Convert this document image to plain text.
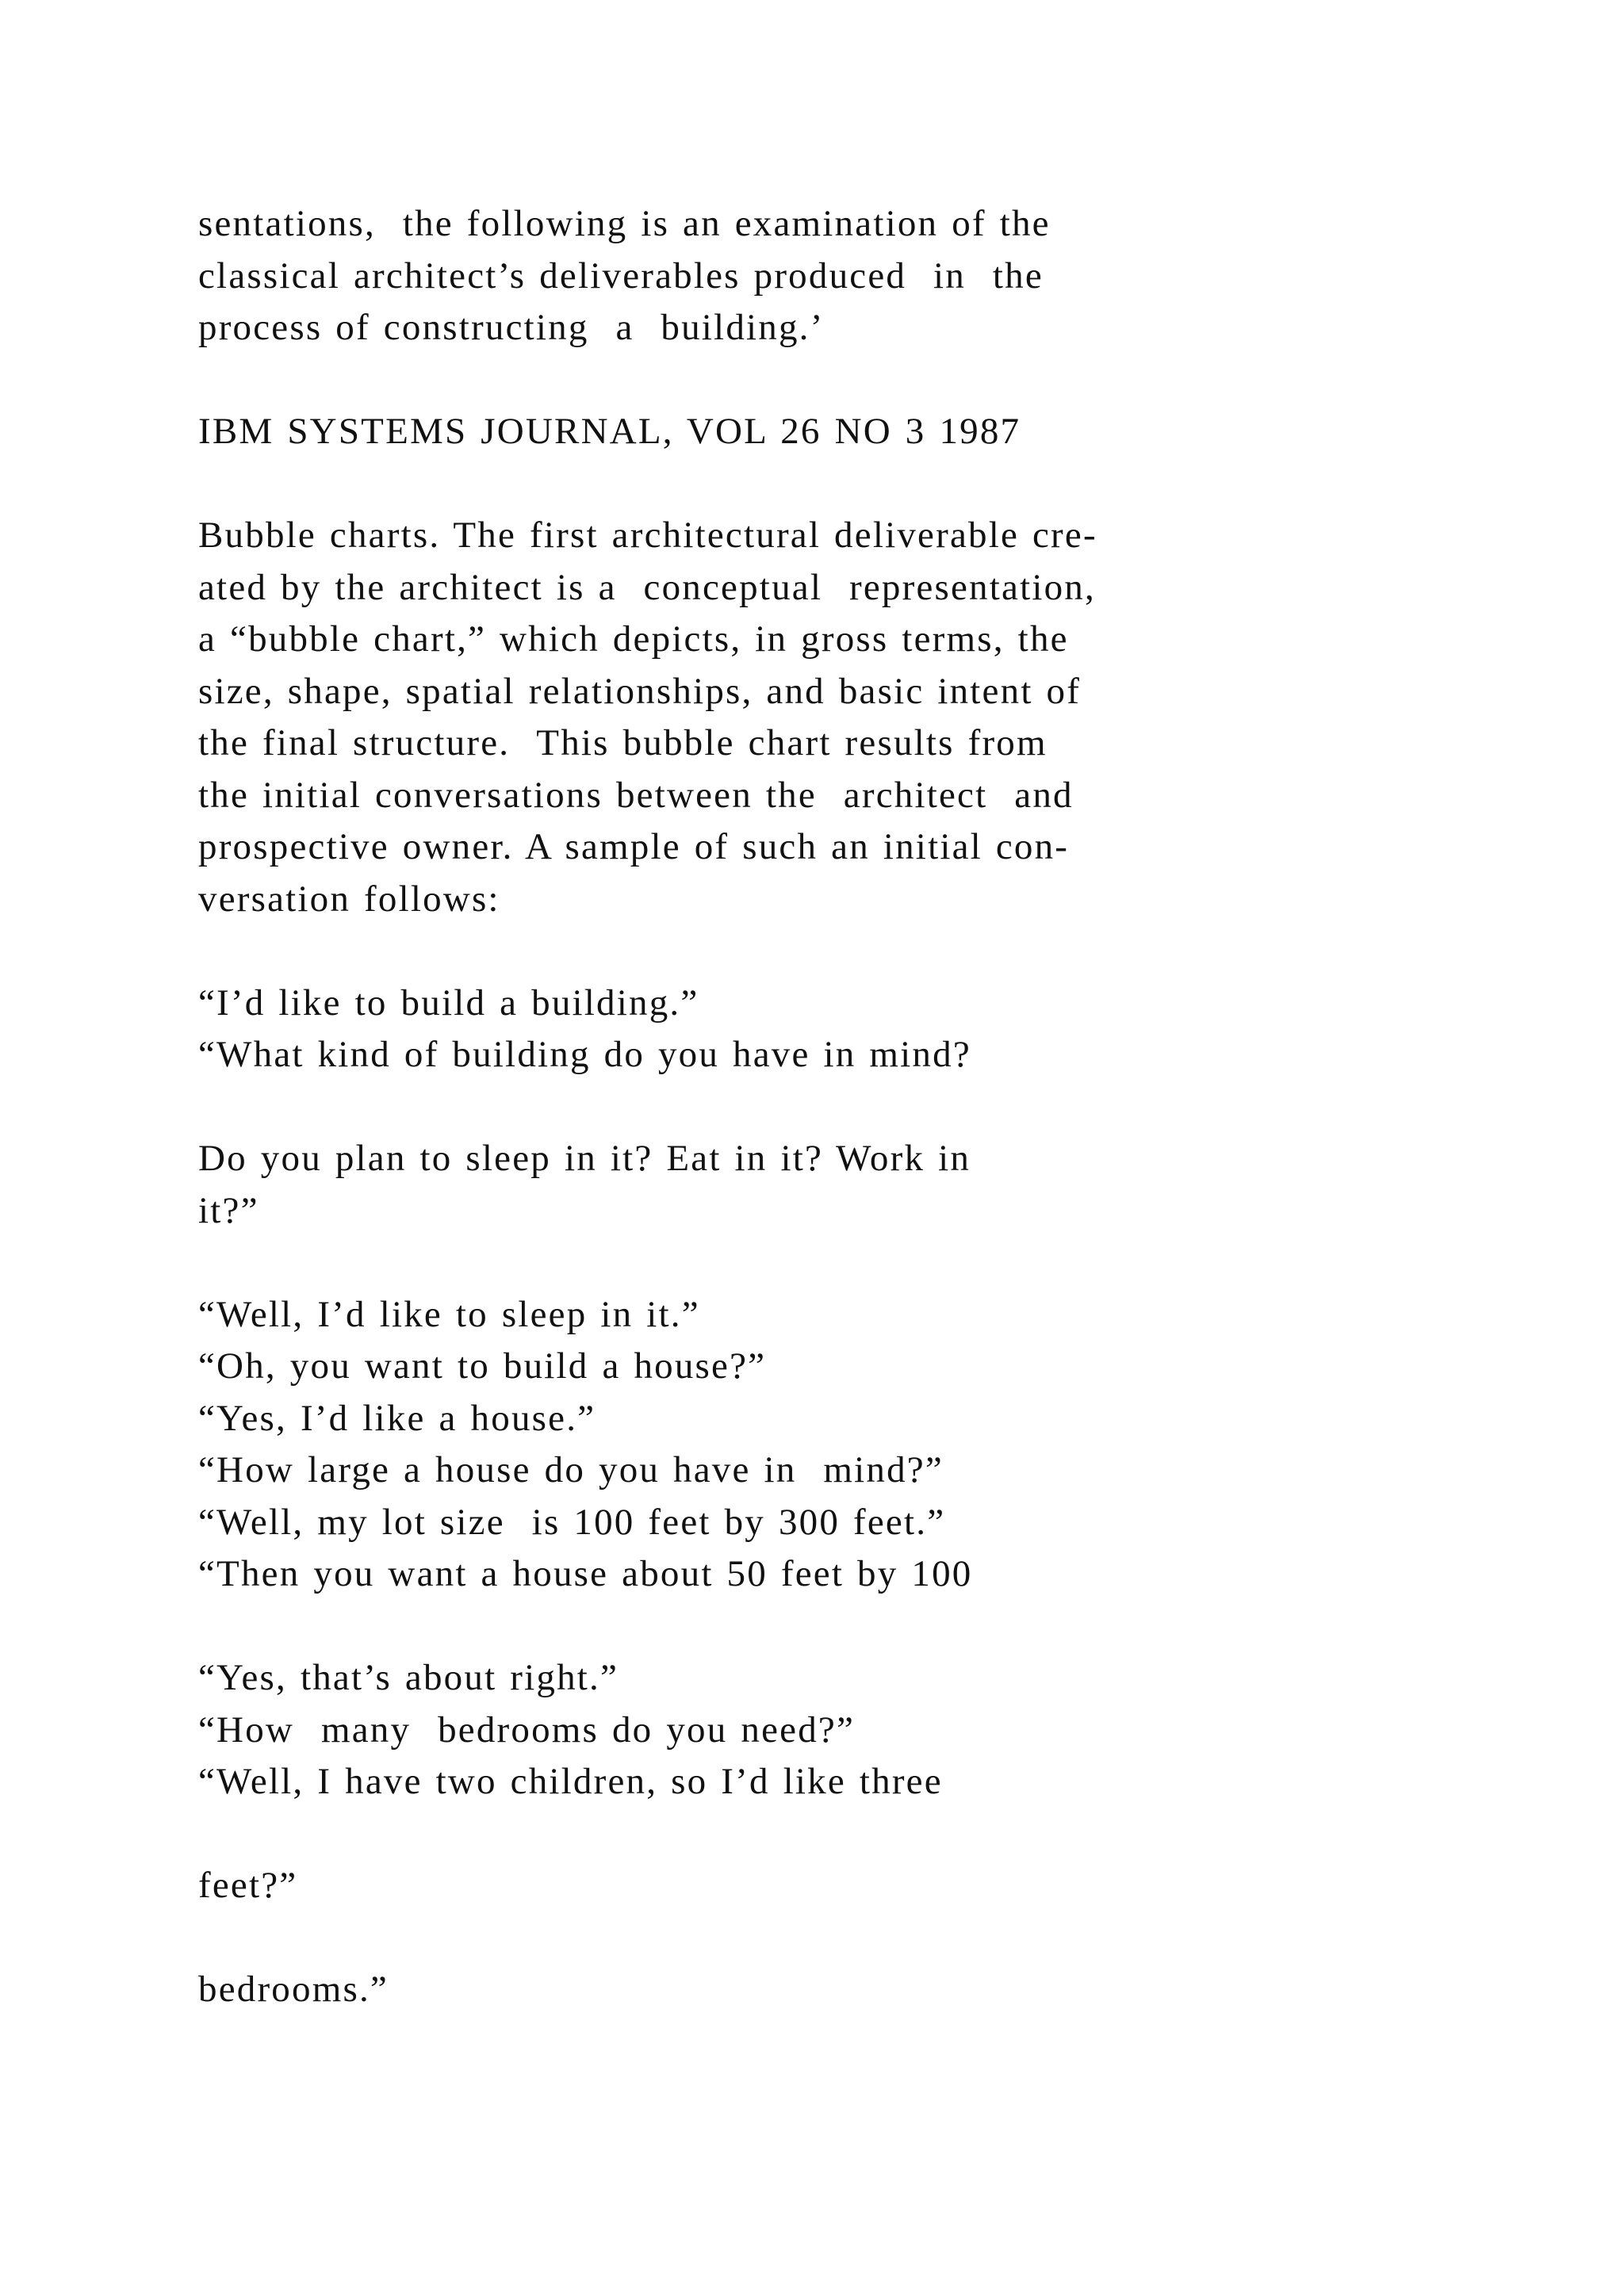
sentations,  the following is an examination of the
classical architect’s deliverables produced  in  the
process of constructing  a  building.’
IBM SYSTEMS JOURNAL, VOL 26 NO 3 1987
Bubble charts. The first architectural deliverable cre-
ated by the architect is a  conceptual  representation,
a “bubble chart,” which depicts, in gross terms, the
size, shape, spatial relationships, and basic intent of
the final structure.  This bubble chart results from
the initial conversations between the  architect  and
prospective owner. A sample of such an initial con-
versation follows:
“I’d like to build a building.”
“What kind of building do you have in mind?
Do you plan to sleep in it? Eat in it? Work in
it?”
“Well, I’d like to sleep in it.”
“Oh, you want to build a house?”
“Yes, I’d like a house.”
“How large a house do you have in  mind?”
“Well, my lot size  is 100 feet by 300 feet.”
“Then you want a house about 50 feet by 100
“Yes, that’s about right.”
“How  many  bedrooms do you need?”
“Well, I have two children, so I’d like three
feet?”
bedrooms.”
